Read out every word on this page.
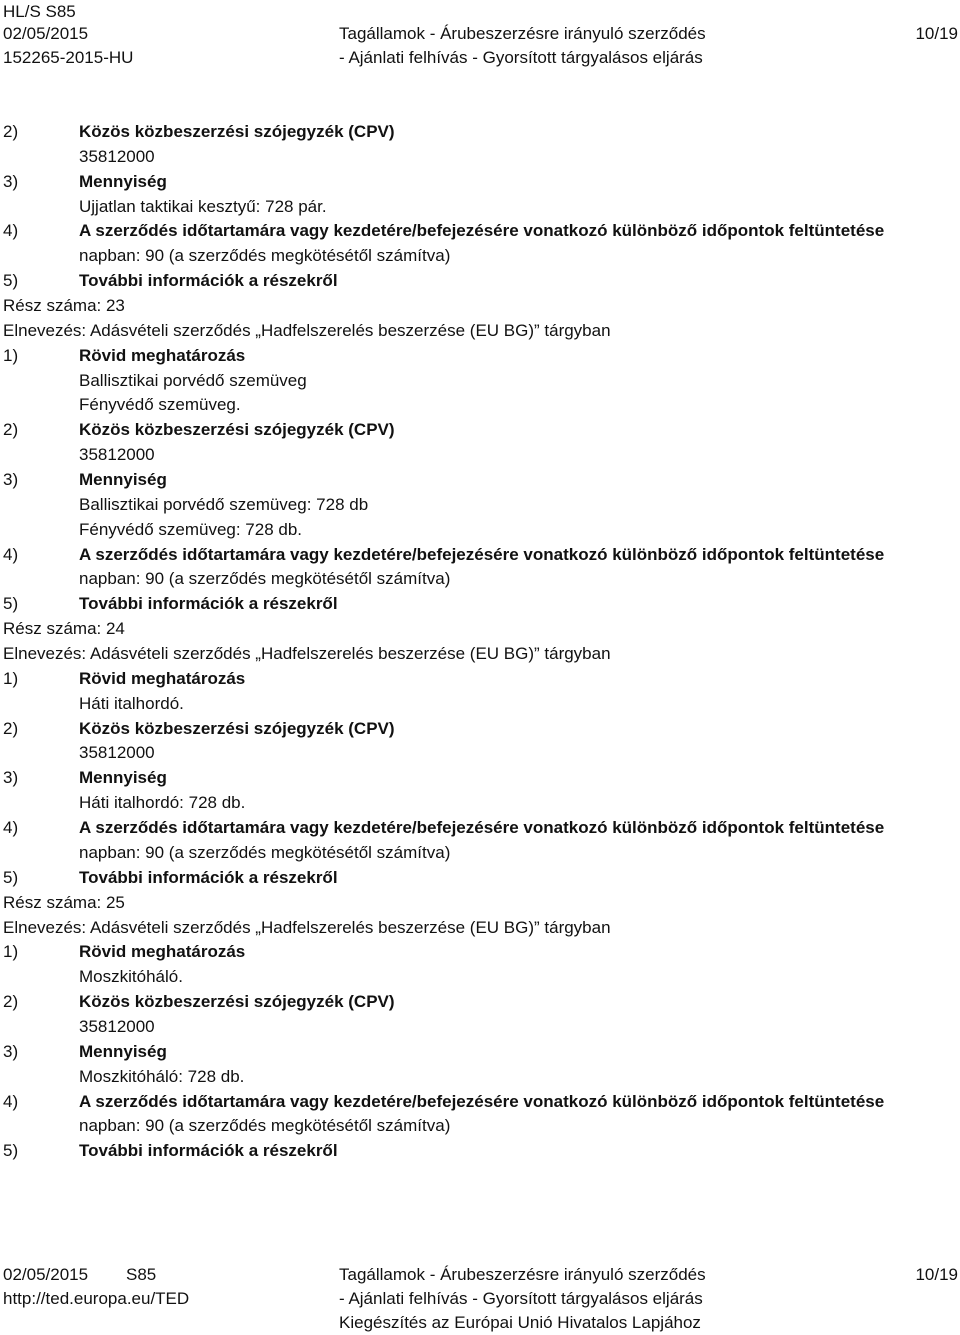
HL/S S85
02/05/2015
152265-2015-HU
Tagállamok - Árubeszerzésre irányuló szerződés
- Ajánlati felhívás - Gyorsított tárgyalásos eljárás
10/19
2)	Közös közbeszerzési szójegyzék (CPV)
35812000
3)	Mennyiség
Ujjatlan taktikai kesztyű: 728 pár.
4)	A szerződés időtartamára vagy kezdetére/befejezésére vonatkozó különböző időpontok feltüntetése
napban: 90 (a szerződés megkötésétől számítva)
5)	További információk a részekről
Rész száma: 23
Elnevezés: Adásvételi szerződés „Hadfelszerelés beszerzése (EU BG)” tárgyban
1)	Rövid meghatározás
Ballisztikai porvédő szemüveg
Fényvédő szemüveg.
2)	Közös közbeszerzési szójegyzék (CPV)
35812000
3)	Mennyiség
Ballisztikai porvédő szemüveg: 728 db
Fényvédő szemüveg: 728 db.
4)	A szerződés időtartamára vagy kezdetére/befejezésére vonatkozó különböző időpontok feltüntetése
napban: 90 (a szerződés megkötésétől számítva)
5)	További információk a részekről
Rész száma: 24
Elnevezés: Adásvételi szerződés „Hadfelszerelés beszerzése (EU BG)” tárgyban
1)	Rövid meghatározás
Háti italhordó.
2)	Közös közbeszerzési szójegyzék (CPV)
35812000
3)	Mennyiség
Háti italhordó: 728 db.
4)	A szerződés időtartamára vagy kezdetére/befejezésére vonatkozó különböző időpontok feltüntetése
napban: 90 (a szerződés megkötésétől számítva)
5)	További információk a részekről
Rész száma: 25
Elnevezés: Adásvételi szerződés „Hadfelszerelés beszerzése (EU BG)” tárgyban
1)	Rövid meghatározás
Moszkitóháló.
2)	Közös közbeszerzési szójegyzék (CPV)
35812000
3)	Mennyiség
Moszkitóháló: 728 db.
4)	A szerződés időtartamára vagy kezdetére/befejezésére vonatkozó különböző időpontok feltüntetése
napban: 90 (a szerződés megkötésétől számítva)
5)	További információk a részekről
02/05/2015 S85
http://ted.europa.eu/TED
Tagállamok - Árubeszerzésre irányuló szerződés
- Ajánlati felhívás - Gyorsított tárgyalásos eljárás
Kiegészítés az Európai Unió Hivatalos Lapjához
10/19
